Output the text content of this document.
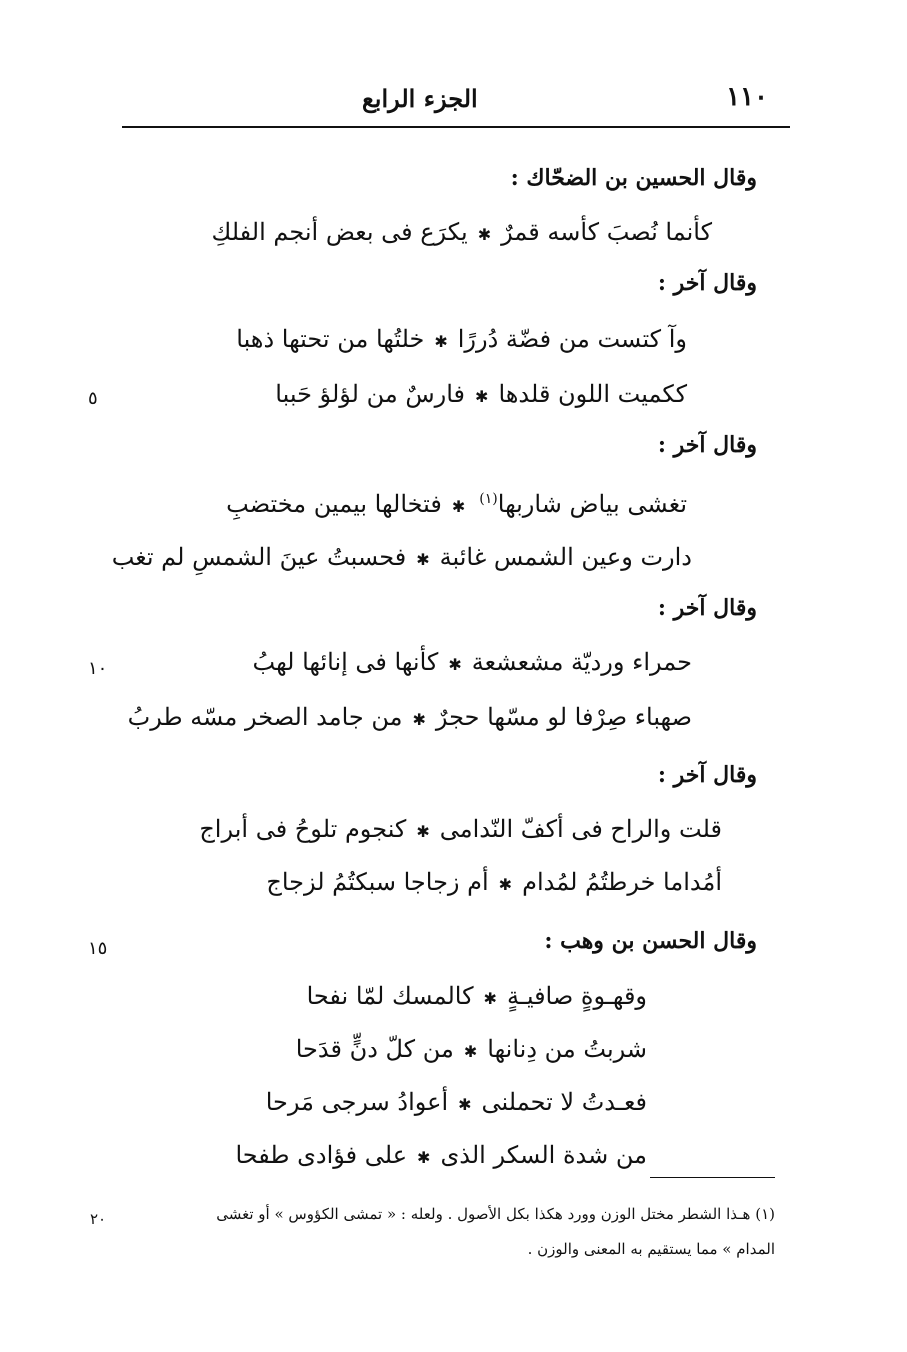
١١٠
الجزء الرابع
وقال الحسين بن الضحّاك :
كأنما نُصبَ كأسه قمرٌ
✱
يكرَع فى بعض أنجم الفلكِ
وقال آخر :
وآ كتست من فضّة دُررًا
✱
خلتُها من تحتها ذهبا
ككميت اللون قلدها
✱
فارسٌ من لؤلؤ حَببا
٥
وقال آخر :
تغشى بياض شاربها$^{(١)}$
✱
فتخالها بيمين مختضبِ
دارت وعين الشمس غائبة
✱
فحسبتُ عينَ الشمسِ لم تغب
وقال آخر :
حمراء ورديّة مشعشعة
✱
كأنها فى إنائها لهبُ
١٠
صهباء صِرْفا لو مسّها حجرٌ
✱
من جامد الصخر مسّه طربُ
وقال آخر :
قلت والراح فى أكفّ النّدامى
✱
كنجوم تلوحُ فى أبراج
أمُداما خرطتُمُ لمُدام
✱
أم زجاجا سبكتُمُ لزجاج
وقال الحسن بن وهب :
١٥
وقهـوةٍ صافيـةٍ
✱
كالمسك لمّا نفحا
شربتُ من دِنانها
✱
من كلّ دنٍّ قدَحا
فعـدتُ لا تحملنى
✱
أعوادُ سرجى مَرحا
من شدة السكر الذى
✱
على فؤادى طفحا
(١) هـذا الشطر مختل الوزن وورد هكذا بكل الأصول . ولعله : « تمشى الكؤوس » أو تغشى
٢٠
المدام » مما يستقيم به المعنى والوزن .
